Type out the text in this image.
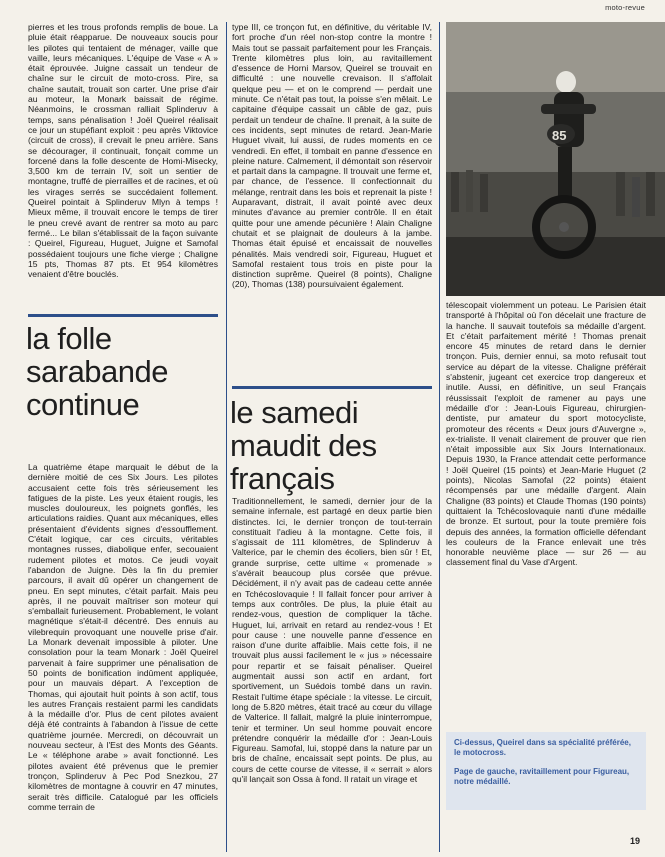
moto-revue

pierres et les trous profonds remplis de boue. La pluie était réapparue. De nouveaux soucis pour les pilotes qui tentaient de ménager, vaille que vaille, leurs mécaniques. L'équipe de Vase « A » était éprouvée. Juigne cassait un tendeur de chaîne sur le circuit de moto-cross. Pire, sa chaîne sautait, trouait son carter. Une prise d'air au moteur, la Monark baissait de régime. Néanmoins, le crossman ralliait Splinderuv à temps, sans pénalisation ! Joël Queirel réalisait ce jour un stupéfiant exploit : peu après Viktovice (circuit de cross), il crevait le pneu arrière. Sans se décourager, il continuait, fonçait comme un forcené dans la folle descente de Homi-Misecky, 3,500 km de terrain IV, soit un sentier de montagne, truffé de pierrailles et de racines, et où les virages serrés se succédaient follement. Queirel pointait à Splinderuv Mlyn à temps ! Mieux même, il trouvait encore le temps de tirer le pneu crevé avant de rentrer sa moto au parc fermé... Le bilan s'établissait de la façon suivante : Queirel, Figureau, Huguet, Juigne et Samofal possédaient toujours une fiche vierge ; Chaligne 15 pts, Thomas 87 pts. Et 954 kilomètres venaient d'être bouclés.

la folle sarabande continue

La quatrième étape marquait le début de la dernière moitié de ces Six Jours. Les pilotes accusaient cette fois très sérieusement les fatigues de la piste. Les yeux étaient rougis, les muscles douloureux, les poignets gonflés, les articulations raidies. Quant aux mécaniques, elles présentaient d'évidents signes d'essoufflement. C'était logique, car ces circuits, véritables montagnes russes, diabolique enfer, secouaient rudement pilotes et motos. Ce jeudi voyait l'abandon de Juigne. Dès la fin du premier parcours, il avait dû opérer un changement de pneu. En sept minutes, c'était parfait. Mais peu après, il ne pouvait maîtriser son moteur qui s'emballait furieusement. Probablement, le volant magnétique s'était-il décentré. Des ennuis au vilebrequin provoquant une nouvelle prise d'air. La Monark devenait impossible à piloter. Une consolation pour la team Monark : Joël Queirel parvenait à faire supprimer une pénalisation de 50 points de bonification indûment appliquée, pour un mauvais départ. A l'exception de Thomas, qui ajoutait huit points à son actif, tous les autres Français restaient parmi les candidats à la médaille d'or. Plus de cent pilotes avaient déjà été contraints à l'abandon à l'issue de cette quatrième journée. Mercredi, on découvrait un nouveau secteur, à l'Est des Monts des Géants. Le « téléphone arabe » avait fonctionné. Les pilotes avaient été prévenus que le premier tronçon, Splinderuv à Pec Pod Snezkou, 27 kilomètres de montagne à couvrir en 47 minutes, serait très difficile. Catalogué par les officiels comme terrain de

type III, ce tronçon fut, en définitive, du véritable IV, fort proche d'un réel non-stop contre la montre ! Mais tout se passait parfaitement pour les Français. Trente kilomètres plus loin, au ravitaillement d'essence de Horni Marsov, Queirel se trouvait en difficulté : une nouvelle crevaison. Il s'affolait quelque peu — et on le comprend — perdait une minute. Ce n'était pas tout, la poisse s'en mêlait. Le capitaine d'équipe cassait un câble de gaz, puis perdait un tendeur de chaîne. Il prenait, à la suite de ces incidents, sept minutes de retard. Jean-Marie Huguet vivait, lui aussi, de rudes moments en ce vendredi. En effet, il tombait en panne d'essence en pleine nature. Calmement, il démontait son réservoir et partait dans la campagne. Il trouvait une ferme et, par chance, de l'essence. Il confectionnait du mélange, rentrait dans les bois et reprenait la piste ! Auparavant, distrait, il avait pointé avec deux minutes d'avance au premier contrôle. Il en était quitte pour une amende pécunière ! Alain Chaligne chutait et se plaignait de douleurs à la jambe. Thomas était épuisé et encaissait de nouvelles pénalités. Mais vendredi soir, Figureau, Huguet et Samofal restaient tous trois en piste pour la distinction suprême. Queirel (8 points), Chaligne (20), Thomas (138) poursuivaient également.

le samedi maudit des français

Traditionnellement, le samedi, dernier jour de la semaine infernale, est partagé en deux partie bien distinctes. Ici, le dernier tronçon de tout-terrain constituait l'adieu à la montagne. Cette fois, il s'agissait de 111 kilomètres, de Splinderuv à Valterice, par le chemin des écoliers, bien sûr ! Et, grande surprise, cette ultime « promenade » s'avérait beaucoup plus corsée que prévue. Décidément, il n'y avait pas de cadeau cette année en Tchécoslovaquie ! Il fallait foncer pour arriver à temps aux contrôles. De plus, la pluie était au rendez-vous, question de compliquer la tâche. Huguet, lui, arrivait en retard au rendez-vous ! Et pour cause : une nouvelle panne d'essence en raison d'une durite affaiblie. Mais cette fois, il ne trouvait plus aussi facilement le « jus » nécessaire pour repartir et se faisait pénaliser. Queirel augmentait aussi son actif en ardant, fort sportivement, un Suédois tombé dans un ravin. Restait l'ultime étape spéciale : la vitesse. Le circuit, long de 5.820 mètres, était tracé au cœur du village de Valterice. Il fallait, malgré la pluie ininterrompue, tenir et terminer. Un seul homme pouvait encore prétendre conquérir la médaille d'or : Jean-Louis Figureau. Samofal, lui, stoppé dans la nature par un bris de chaîne, encaissait sept points. De plus, au cours de cette course de vitesse, il « serrait » alors qu'il lançait son Ossa à fond. Il ratait un virage et

85

télescopait violemment un poteau. Le Parisien était transporté à l'hôpital où l'on décelait une fracture de la hanche. Il sauvait toutefois sa médaille d'argent. Et c'était parfaitement mérité ! Thomas prenait encore 45 minutes de retard dans le dernier tronçon. Puis, dernier ennui, sa moto refusait tout service au départ de la vitesse. Chaligne préférait s'abstenir, jugeant cet exercice trop dangereux et inutile. Aussi, en définitive, un seul Français réussissait l'exploit de ramener au pays une médaille d'or : Jean-Louis Figureau, chirurgien-dentiste, pur amateur du sport motocycliste, promoteur des récents « Deux jours d'Auvergne », ex-trialiste. Il venait clairement de prouver que rien n'était impossible aux Six Jours Internationaux. Depuis 1930, la France attendait cette performance ! Joël Queirel (15 points) et Jean-Marie Huguet (2 points), Nicolas Samofal (22 points) étaient récompensés par une médaille d'argent. Alain Chaligne (83 points) et Claude Thomas (190 points) quittaient la Tchécoslovaquie nanti d'une médaille de bronze. Et surtout, pour la toute première fois depuis des années, la formation officielle défendant les couleurs de la France enlevait une très honorable neuvième place — sur 26 — au classement final du Vase d'Argent.

Ci-dessus, Queirel dans sa spécialité préférée, le motocross.

Page de gauche, ravitaillement pour Figureau, notre médaillé.

19
